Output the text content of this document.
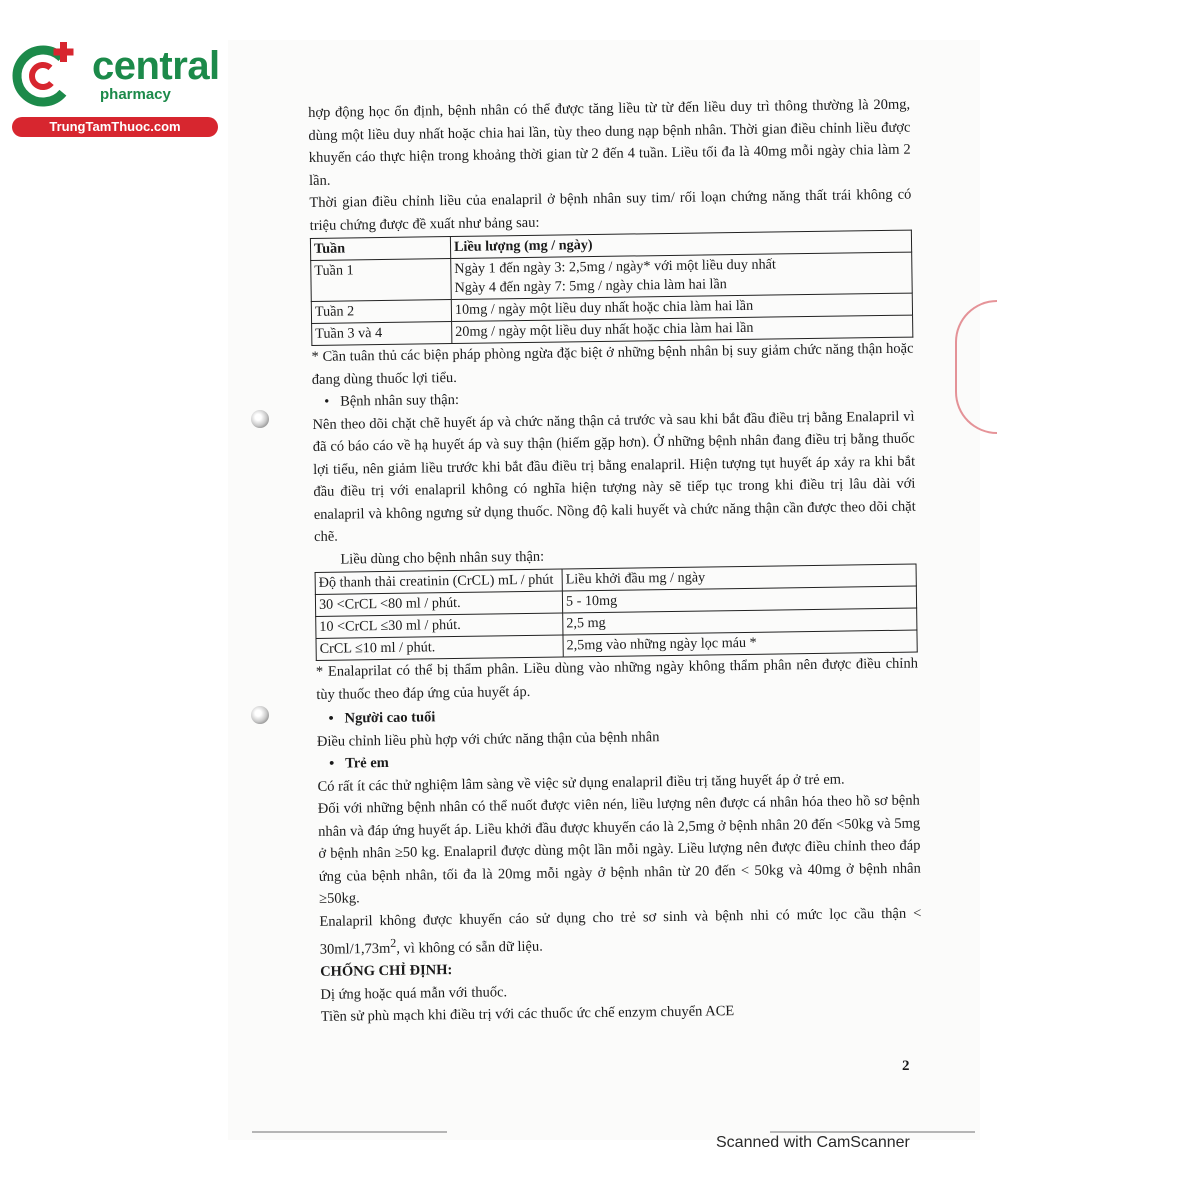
central
pharmacy
TrungTamThuoc.com

hợp động học ổn định, bệnh nhân có thể được tăng liều từ từ đến liều duy trì thông thường là 20mg, dùng một liều duy nhất hoặc chia hai lần, tùy theo dung nạp bệnh nhân. Thời gian điều chỉnh liều được khuyến cáo thực hiện trong khoảng thời gian từ 2 đến 4 tuần. Liều tối đa là 40mg mỗi ngày chia làm 2 lần.

Thời gian điều chỉnh liều của enalapril ở bệnh nhân suy tim/ rối loạn chứng năng thất trái không có triệu chứng được đề xuất như bảng sau:

Tuần	Liều lượng (mg / ngày)
Tuần 1	Ngày 1 đến ngày 3: 2,5mg / ngày* với một liều duy nhất
Ngày 4 đến ngày 7: 5mg / ngày chia làm hai lần

Tuần 2	10mg / ngày một liều duy nhất hoặc chia làm hai lần
Tuần 3 và 4	20mg / ngày một liều duy nhất hoặc chia làm hai lần

* Cần tuân thủ các biện pháp phòng ngừa đặc biệt ở những bệnh nhân bị suy giảm chức năng thận hoặc đang dùng thuốc lợi tiểu.

•   Bệnh nhân suy thận:

Nên theo dõi chặt chẽ huyết áp và chức năng thận cả trước và sau khi bắt đầu điều trị bằng Enalapril vì đã có báo cáo về hạ huyết áp và suy thận (hiếm gặp hơn). Ở những bệnh nhân đang điều trị bằng thuốc lợi tiểu, nên giảm liều trước khi bắt đầu điều trị bằng enalapril. Hiện tượng tụt huyết áp xảy ra khi bắt đầu điều trị với enalapril không có nghĩa hiện tượng này sẽ tiếp tục trong khi điều trị lâu dài với enalapril và không ngưng sử dụng thuốc. Nồng độ kali huyết và chức năng thận cần được theo dõi chặt chẽ.

Liều dùng cho bệnh nhân suy thận:

Độ thanh thải creatinin (CrCL) mL / phút	Liều khởi đầu mg / ngày
30 <CrCL <80 ml / phút.	5 - 10mg
10 <CrCL ≤30 ml / phút.	2,5 mg
CrCL ≤10 ml / phút.	2,5mg vào những ngày lọc máu *

* Enalaprilat có thể bị thẩm phân. Liều dùng vào những ngày không thẩm phân nên được điều chỉnh tùy thuốc theo đáp ứng của huyết áp.

•   Người cao tuổi

Điều chỉnh liều phù hợp với chức năng thận của bệnh nhân

•   Trẻ em

Có rất ít các thử nghiệm lâm sàng về việc sử dụng enalapril điều trị tăng huyết áp ở trẻ em.

Đối với những bệnh nhân có thể nuốt được viên nén, liều lượng nên được cá nhân hóa theo hồ sơ bệnh nhân và đáp ứng huyết áp. Liều khởi đầu được khuyến cáo là 2,5mg ở bệnh nhân 20 đến <50kg và 5mg ở bệnh nhân ≥50 kg. Enalapril được dùng một lần mỗi ngày. Liều lượng nên được điều chỉnh theo đáp ứng của bệnh nhân, tối đa là 20mg mỗi ngày ở bệnh nhân từ 20 đến < 50kg và 40mg ở bệnh nhân ≥50kg.

Enalapril không được khuyến cáo sử dụng cho trẻ sơ sinh và bệnh nhi có mức lọc cầu thận < $30ml/1,73m^2$, vì không có sẵn dữ liệu.

CHỐNG CHỈ ĐỊNH:

Dị ứng hoặc quá mẫn với thuốc.

Tiền sử phù mạch khi điều trị với các thuốc ức chế enzym chuyển ACE

2
Scanned with CamScanner
